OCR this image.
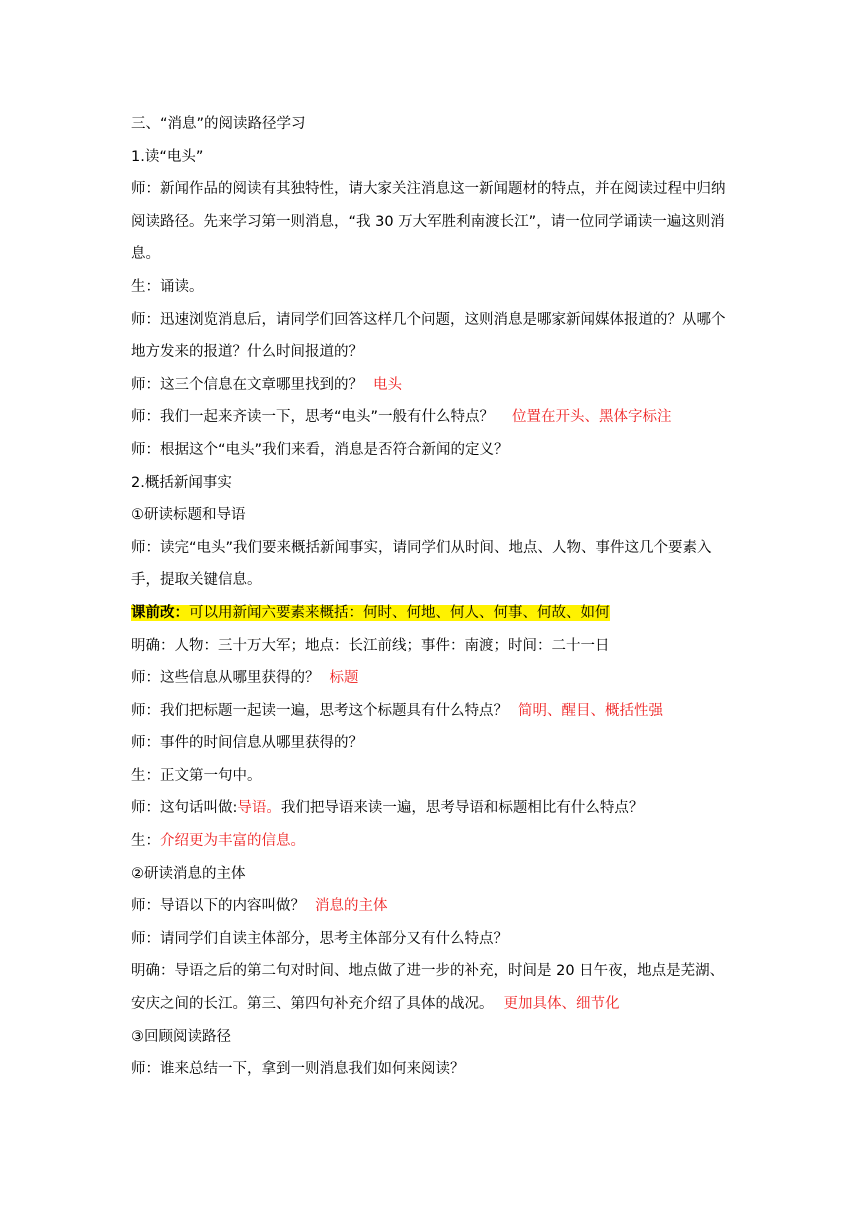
三、“消息”的阅读路径学习

1.读“电头”

师：新闻作品的阅读有其独特性，请大家关注消息这一新闻题材的特点，并在阅读过程中归纳阅读路径。先来学习第一则消息，“我 30 万大军胜利南渡长江”，请一位同学诵读一遍这则消息。

生：诵读。

师：迅速浏览消息后，请同学们回答这样几个问题，这则消息是哪家新闻媒体报道的？从哪个地方发来的报道？什么时间报道的？

师：这三个信息在文章哪里找到的？ 电头

师：我们一起来齐读一下，思考“电头”一般有什么特点？ 位置在开头、黑体字标注

师：根据这个“电头”我们来看，消息是否符合新闻的定义？

2.概括新闻事实

①研读标题和导语

师：读完“电头”我们要来概括新闻事实，请同学们从时间、地点、人物、事件这几个要素入手，提取关键信息。

课前改：可以用新闻六要素来概括：何时、何地、何人、何事、何故、如何

明确：人物：三十万大军；地点：长江前线；事件：南渡；时间：二十一日

师：这些信息从哪里获得的？ 标题

师：我们把标题一起读一遍，思考这个标题具有什么特点？ 简明、醒目、概括性强

师：事件的时间信息从哪里获得的？

生：正文第一句中。

师：这句话叫做:导语。我们把导语来读一遍，思考导语和标题相比有什么特点？

生：介绍更为丰富的信息。

②研读消息的主体

师：导语以下的内容叫做？ 消息的主体

师：请同学们自读主体部分，思考主体部分又有什么特点？

明确：导语之后的第二句对时间、地点做了进一步的补充，时间是 20 日午夜，地点是芜湖、安庆之间的长江。第三、第四句补充介绍了具体的战况。 更加具体、细节化

③回顾阅读路径

师：谁来总结一下，拿到一则消息我们如何来阅读？
